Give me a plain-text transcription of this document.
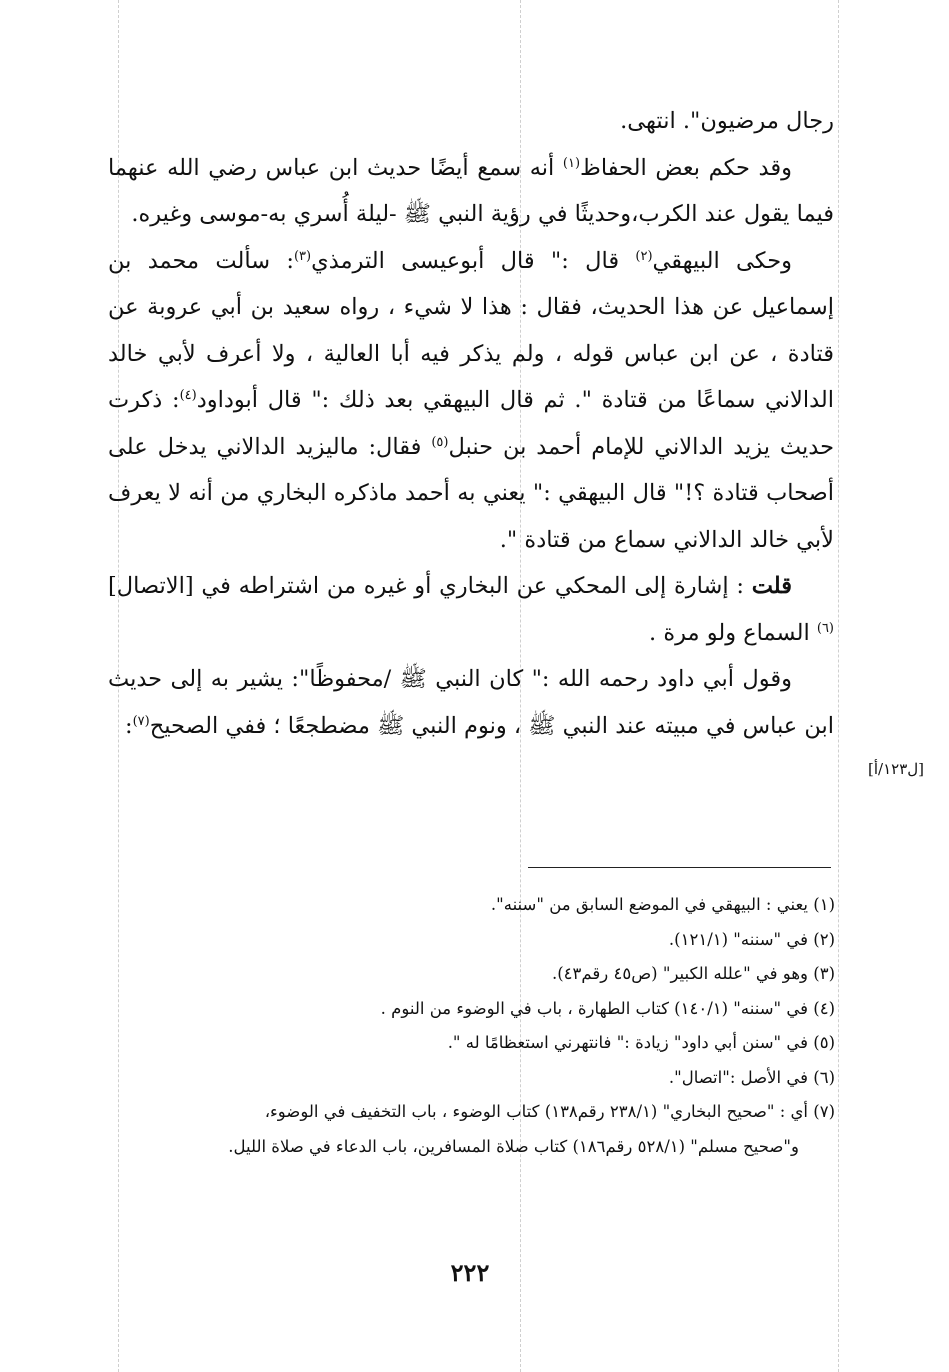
رجال مرضيون". انتهى.

وقد حكم بعض الحفاظ$^{(١)}$ أنه سمع أيضًا حديث ابن عباس رضي الله عنهما فيما يقول عند الكرب،وحديثًا في رؤية النبي ﷺ -ليلة أُسري به-موسى وغيره.

وحكى البيهقي$^{(٢)}$ قال :" قال أبوعيسى الترمذي$^{(٣)}$: سألت محمد بن إسماعيل عن هذا الحديث، فقال : هذا لا شيء ، رواه سعيد بن أبي عروبة عن قتادة ، عن ابن عباس قوله ، ولم يذكر فيه أبا العالية ، ولا أعرف لأبي خالد الدالاني سماعًا من قتادة ". ثم قال البيهقي بعد ذلك :" قال أبوداود$^{(٤)}$: ذكرت حديث يزيد الدالاني للإمام أحمد بن حنبل$^{(٥)}$ فقال: ماليزيد الدالاني يدخل على أصحاب قتادة ؟!" قال البيهقي :" يعني به أحمد ماذكره البخاري من أنه لا يعرف لأبي خالد الدالاني سماع من قتادة ".

قلت : إشارة إلى المحكي عن البخاري أو غيره من اشتراطه في [الاتصال]$^{(٦)}$ السماع ولو مرة .

وقول أبي داود رحمه الله :" كان النبي ﷺ /محفوظًا": يشير به إلى حديث ابن عباس في مبيته عند النبي ﷺ ، ونوم النبي ﷺ مضطجعًا ؛ ففي الصحيح$^{(٧)}$:

[ل١٢٣/أ]

(١) يعني : البيهقي في الموضع السابق من "سننه".

(٢) في "سننه" (١٢١/١).

(٣) وهو في "علله الكبير" (ص٤٥ رقم٤٣).

(٤) في "سننه" (١٤٠/١) كتاب الطهارة ، باب في الوضوء من النوم .

(٥) في "سنن أبي داود" زيادة :" فانتهرني استعظامًا له ".

(٦) في الأصل :"اتصال".

(٧) أي : "صحيح البخاري" (٢٣٨/١ رقم١٣٨) كتاب الوضوء ، باب التخفيف في الوضوء،

و"صحيح مسلم" (٥٢٨/١ رقم١٨٦) كتاب صلاة المسافرين، باب الدعاء في صلاة الليل.

٢٢٢
